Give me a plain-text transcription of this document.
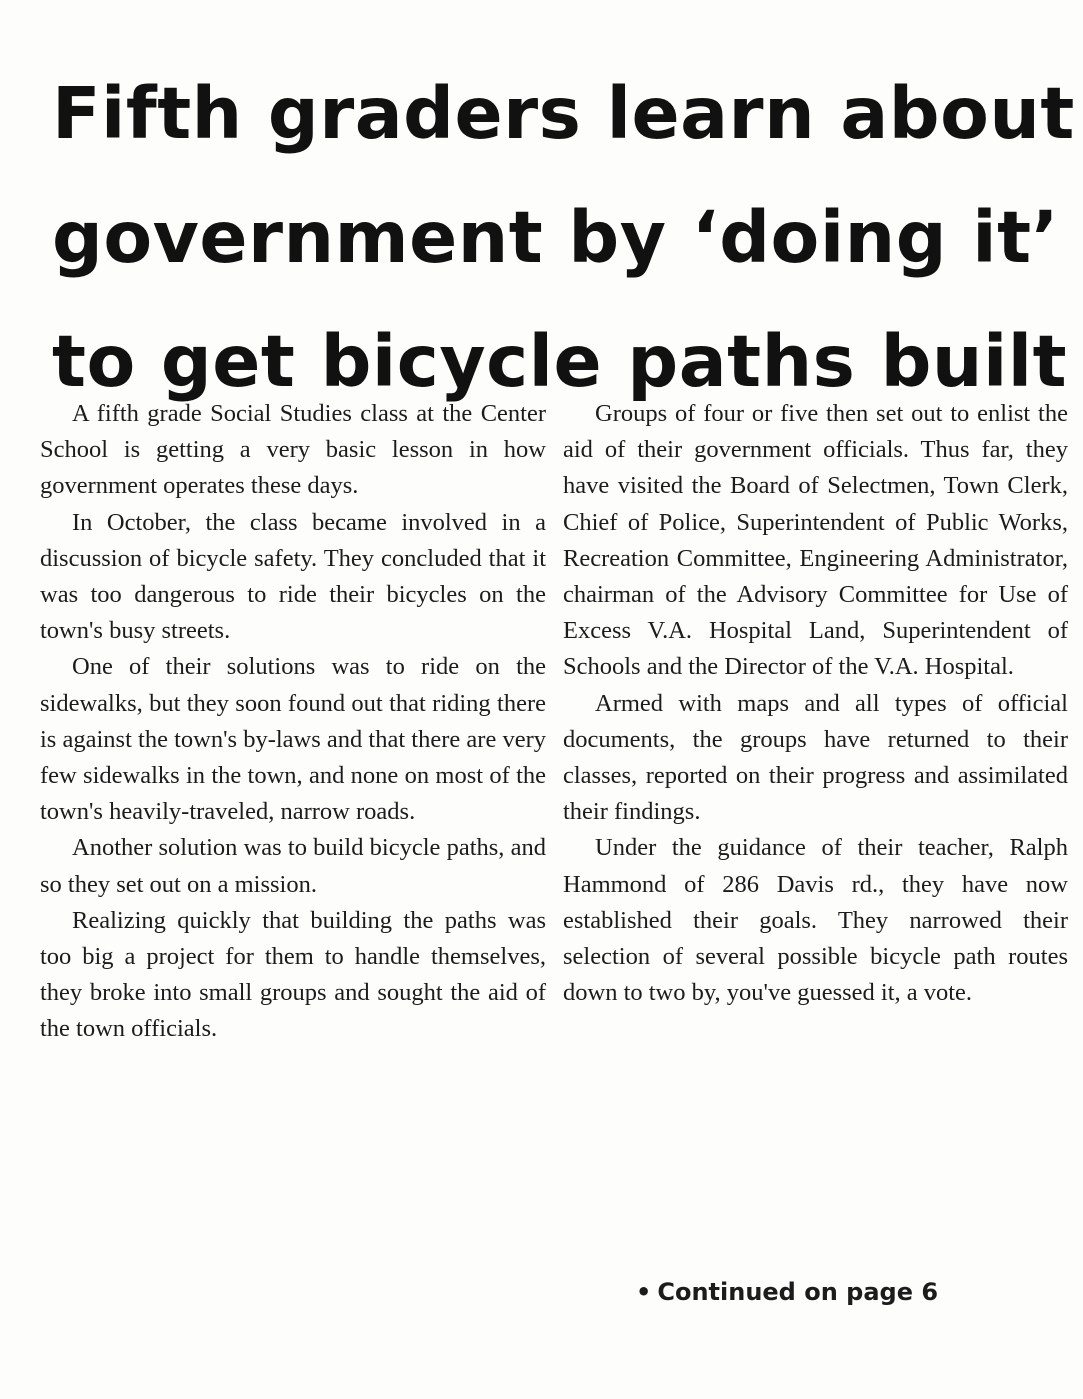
Fifth graders learn about
government by ‘doing it’
to get bicycle paths built

A fifth grade Social Studies class at the Center School is getting a very basic lesson in how government operates these days.

In October, the class became involved in a discussion of bicycle safety. They concluded that it was too dangerous to ride their bicycles on the town's busy streets.

One of their solutions was to ride on the sidewalks, but they soon found out that riding there is against the town's by-laws and that there are very few sidewalks in the town, and none on most of the town's heavily-traveled, narrow roads.

Another solution was to build bicycle paths, and so they set out on a mission.

Realizing quickly that building the paths was too big a project for them to handle themselves, they broke into small groups and sought the aid of the town officials.

Groups of four or five then set out to enlist the aid of their government officials. Thus far, they have visited the Board of Selectmen, Town Clerk, Chief of Police, Superintendent of Public Works, Recreation Committee, Engineering Administrator, chairman of the Advisory Committee for Use of Excess V.A. Hospital Land, Superintendent of Schools and the Director of the V.A. Hospital.

Armed with maps and all types of official documents, the groups have returned to their classes, reported on their progress and assimilated their findings.

Under the guidance of their teacher, Ralph Hammond of 286 Davis rd., they have now established their goals. They narrowed their selection of several possible bicycle path routes down to two by, you've guessed it, a vote.

• Continued on page 6
